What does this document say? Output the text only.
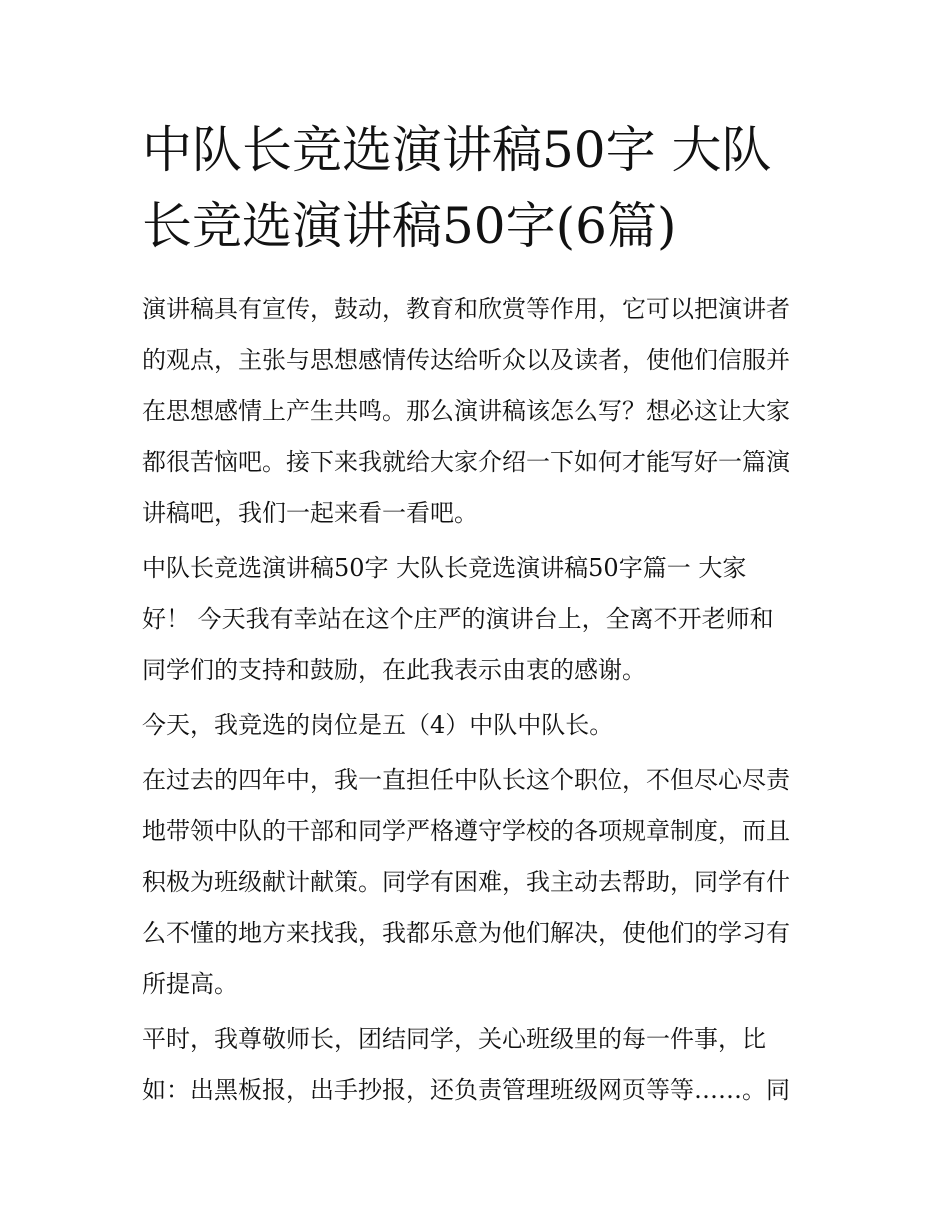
中队长竞选演讲稿50字 大队
长竞选演讲稿50字(6篇)

演讲稿具有宣传，鼓动，教育和欣赏等作用，它可以把演讲者
的观点，主张与思想感情传达给听众以及读者，使他们信服并
在思想感情上产生共鸣。那么演讲稿该怎么写？想必这让大家
都很苦恼吧。接下来我就给大家介绍一下如何才能写好一篇演
讲稿吧，我们一起来看一看吧。

中队长竞选演讲稿50字 大队长竞选演讲稿50字篇一 大家
好！ 今天我有幸站在这个庄严的演讲台上，全离不开老师和
同学们的支持和鼓励，在此我表示由衷的感谢。

今天，我竞选的岗位是五（4）中队中队长。

在过去的四年中，我一直担任中队长这个职位，不但尽心尽责
地带领中队的干部和同学严格遵守学校的各项规章制度，而且
积极为班级献计献策。同学有困难，我主动去帮助，同学有什
么不懂的地方来找我，我都乐意为他们解决，使他们的学习有
所提高。

平时，我尊敬师长，团结同学，关心班级里的每一件事，比
如：出黑板报，出手抄报，还负责管理班级网页等等……。同
